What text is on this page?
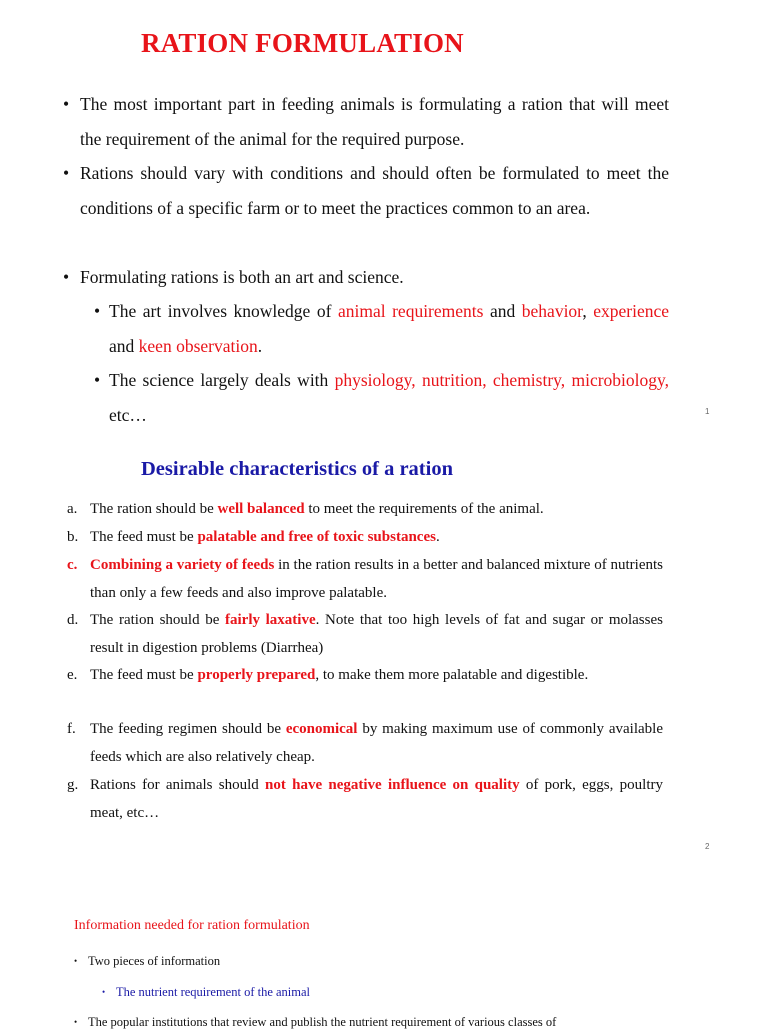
RATION FORMULATION
• The most important part in feeding animals is formulating a ration that will meet the requirement of the animal for the required purpose.
• Rations should vary with conditions and should often be formulated to meet the conditions of a specific farm or to meet the practices common to an area.
• Formulating rations is both an art and science.
• The art involves knowledge of animal requirements and behavior, experience and keen observation.
• The science largely deals with physiology, nutrition, chemistry, microbiology, etc…	1
Desirable characteristics of a ration
a. The ration should be well balanced to meet the requirements of the animal.
b. The feed must be palatable and free of toxic substances.
c. Combining a variety of feeds in the ration results in a better and balanced mixture of nutrients than only a few feeds and also improve palatable.
d. The ration should be fairly laxative. Note that too high levels of fat and sugar or molasses result in digestion problems (Diarrhea)
e. The feed must be properly prepared, to make them more palatable and digestible.
f. The feeding regimen should be economical by making maximum use of commonly available feeds which are also relatively cheap.
g. Rations for animals should not have negative influence on quality of pork, eggs, poultry meat, etc…
2
Information needed for ration formulation
• Two pieces of information
• The nutrient requirement of the animal
• The popular institutions that review and publish the nutrient requirement of various classes of
